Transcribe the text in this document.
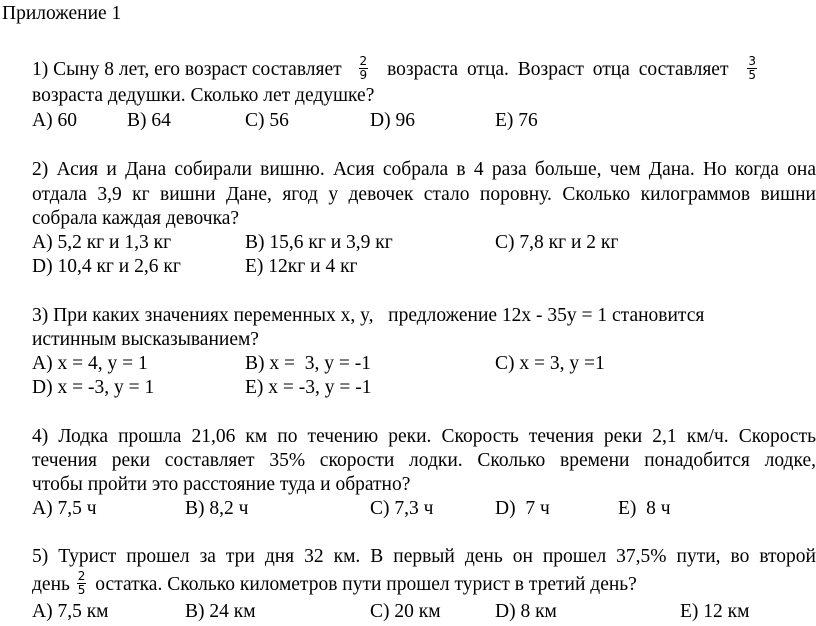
Приложение 1
1) Сыну 8 лет, его возраст составляет $\frac{2}{9}$ возраста отца. Возраст отца составляет $\frac{3}{5}$
возраста дедушки. Сколько лет дедушке?
A) 60	B) 64	C) 56	D) 96	E) 76
2) Асия и Дана собирали вишню. Асия собрала в 4 раза больше, чем Дана. Но когда она
отдала 3,9 кг вишни Дане, ягод у девочек стало поровну. Сколько килограммов вишни
собрала каждая девочка?
A) 5,2 кг и 1,3 кг	B) 15,6 кг и 3,9 кг	C) 7,8 кг и 2 кг
D) 10,4 кг и 2,6 кг	E) 12кг и 4 кг
3) При каких значениях переменных x, y,   предложение 12x - 35y = 1 становится
истинным высказыванием?
A) x = 4, y = 1	B) x =  3, y = -1	C) x = 3, y =1
D) x = -3, y = 1	E) x = -3, y = -1
4) Лодка прошла 21,06 км по течению реки. Скорость течения реки 2,1 км/ч. Скорость
течения реки составляет 35% скорости лодки. Сколько времени понадобится лодке,
чтобы пройти это расстояние туда и обратно?
A) 7,5 ч	B) 8,2 ч	C) 7,3 ч	D)  7 ч	E)  8 ч
5) Турист прошел за три дня 32 км. В первый день он прошел 37,5% пути, во второй
день $\frac{2}{5}$ остатка. Сколько километров пути прошел турист в третий день?
A) 7,5 км	B) 24 км	C) 20 км	D) 8 км	E) 12 км
